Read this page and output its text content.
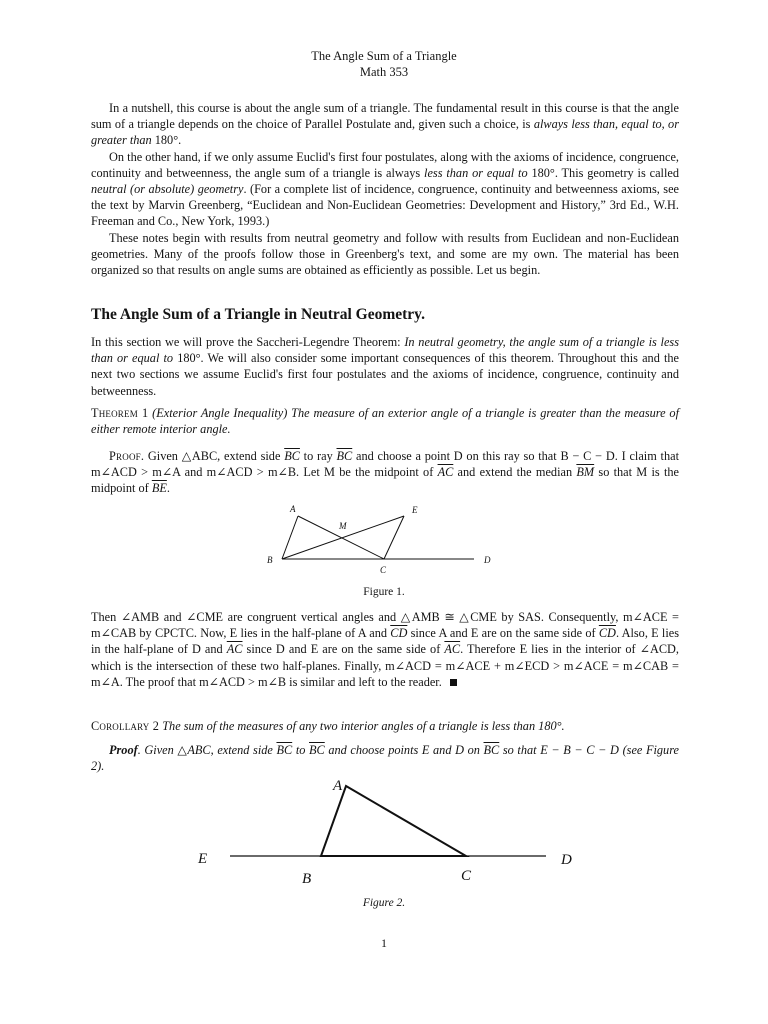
The Angle Sum of a Triangle
Math 353

In a nutshell, this course is about the angle sum of a triangle. The fundamental result in this course is that the angle sum of a triangle depends on the choice of Parallel Postulate and, given such a choice, is always less than, equal to, or greater than 180°.

On the other hand, if we only assume Euclid's first four postulates, along with the axioms of incidence, congruence, continuity and betweenness, the angle sum of a triangle is always less than or equal to 180°. This geometry is called neutral (or absolute) geometry. (For a complete list of incidence, congruence, continuity and betweenness axioms, see the text by Marvin Greenberg, “Euclidean and Non-Euclidean Geometries: Development and History,” 3rd Ed., W.H. Freeman and Co., New York, 1993.)

These notes begin with results from neutral geometry and follow with results from Euclidean and non-Euclidean geometries. Many of the proofs follow those in Greenberg's text, and some are my own. The material has been organized so that results on angle sums are obtained as efficiently as possible. Let us begin.

The Angle Sum of a Triangle in Neutral Geometry.

In this section we will prove the Saccheri-Legendre Theorem: In neutral geometry, the angle sum of a triangle is less than or equal to 180°. We will also consider some important consequences of this theorem. Throughout this and the next two sections we assume Euclid's first four postulates and the axioms of incidence, congruence, continuity and betweenness.

Theorem 1 (Exterior Angle Inequality) The measure of an exterior angle of a triangle is greater than the measure of either remote interior angle.

Proof. Given △ABC, extend side $\overline{BC}$ to ray $\overline{BC}$ and choose a point D on this ray so that B − C − D. I claim that m∠ACD > m∠A and m∠ACD > m∠B. Let M be the midpoint of $\overline{AC}$ and extend the median $\overline{BM}$ so that M is the midpoint of $\overline{BE}$.

A	E
M
B
C
D
Figure 1.

Then ∠AMB and ∠CME are congruent vertical angles and △AMB ≅ △CME by SAS. Consequently, m∠ACE = m∠CAB by CPCTC. Now, E lies in the half-plane of A and $\overline{CD}$ since A and E are on the same side of $\overline{CD}$. Also, E lies in the half-plane of D and $\overline{AC}$ since D and E are on the same side of $\overline{AC}$. Therefore E lies in the interior of ∠ACD, which is the intersection of these two half-planes. Finally, m∠ACD = m∠ACE + m∠ECD > m∠ACE = m∠CAB = m∠A. The proof that m∠ACD > m∠B is similar and left to the reader.

Corollary 2 The sum of the measures of any two interior angles of a triangle is less than 180°.

Proof. Given △ABC, extend side $\overline{BC}$ to $\overline{BC}$ and choose points E and D on $\overline{BC}$ so that E − B − C − D (see Figure 2).

A
E	D
B	C
Figure 2.
1
